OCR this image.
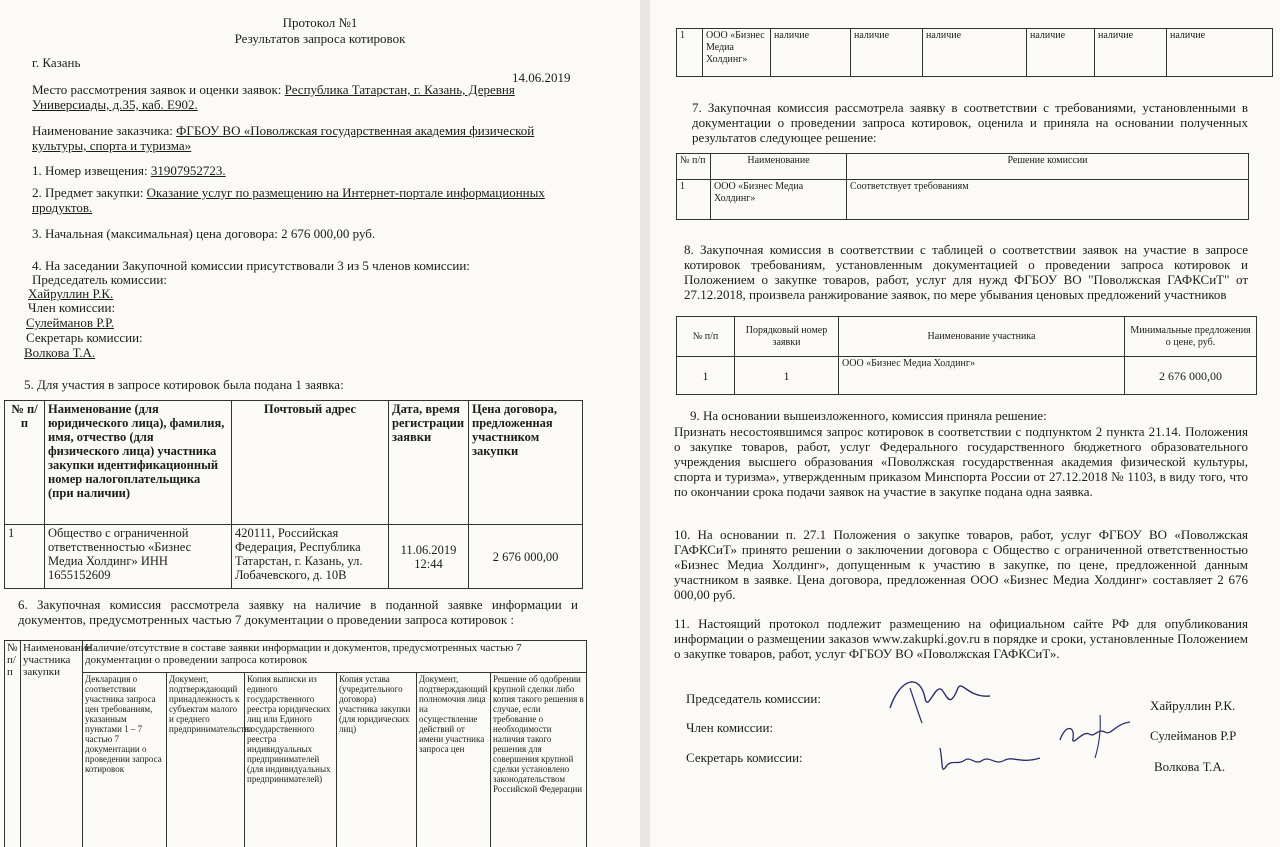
Протокол №1
Результатов запроса котировок
г. Казань
14.06.2019
Место рассмотрения заявок и оценки заявок: Республика Татарстан, г. Казань, Деревня
Универсиады, д.35, каб. Е902.
Наименование заказчика: ФГБОУ ВО «Поволжская государственная академия физической
культуры, спорта и туризма»
1. Номер извещения: 31907952723.
2. Предмет закупки: Оказание услуг по размещению на Интернет-портале информационных
продуктов.
3. Начальная (максимальная) цена договора: 2 676 000,00 руб.
4. На заседании Закупочной комиссии присутствовали 3 из 5 членов комиссии:
Председатель комиссии:
Хайруллин Р.К.
Член комиссии:
Сулейманов Р.Р.
Секретарь комиссии:
Волкова Т.А.
5. Для участия в запросе котировок была подана 1 заявка:
№ п/п	Наименование (для юридического лица), фамилия, имя, отчество (для физического лица) участника закупки идентификационный номер налогоплательщика (при наличии)	Почтовый адрес	Дата, время регистрации заявки	Цена договора, предложенная участником закупки
1	Общество с ограниченной ответственностью «Бизнес Медиа Холдинг» ИНН 1655152609	420111, Российская Федерация, Республика Татарстан, г. Казань, ул. Лобачевского, д. 10В	11.06.2019 12:44	2 676 000,00
6. Закупочная комиссия рассмотрела заявку на наличие в поданной заявке информации и документов, предусмотренных частью 7 документации о проведении запроса котировок :
№ п/п	Наименование участника закупки	Наличие/отсутствие в составе заявки информации и документов, предусмотренных частью 7 документации о проведении запроса котировок					
		Декларация о соответствии участника запроса цен требованиям, указанным пунктами 1 – 7 частью 7 документации о проведении запроса котировок	Документ, подтверждающий принадлежность к субъектам малого и среднего предпринимательства	Копия выписки из единого государственного реестра юридических лиц или Единого государственного реестра индивидуальных предпринимателей (для индивидуальных предпринимателей)	Копия устава (учредительного договора) участника закупки (для юридических лиц)	Документ, подтверждающий полномочия лица на осуществление действий от имени участника запроса цен	Решение об одобрении крупной сделки либо копия такого решения в случае, если требование о необходимости наличия такого решения для совершения крупной сделки установлено законодательством Российской Федерации
1	ООО «Бизнес Медиа Холдинг»	наличие	наличие	наличие	наличие	наличие	наличие
7. Закупочная комиссия рассмотрела заявку в соответствии с требованиями, установленными в документации о проведении запроса котировок, оценила и приняла на основании полученных результатов следующее решение:
№ п/п	Наименование	Решение комиссии
1	ООО «Бизнес Медиа Холдинг»	Соответствует требованиям
8. Закупочная комиссия в соответствии с таблицей о соответствии заявок на участие в запросе котировок требованиям, установленным документацией о проведении запроса котировок и Положением о закупке товаров, работ, услуг для нужд ФГБОУ ВО "Поволжская ГАФКСиТ" от 27.12.2018, произвела ранжирование заявок, по мере убывания ценовых предложений участников
№ п/п	Порядковый номер заявки	Наименование участника	Минимальные предложения о цене, руб.
1	1	ООО «Бизнес Медиа Холдинг»	2 676 000,00
9. На основании вышеизложенного, комиссия приняла решение:
Признать несостоявшимся запрос котировок в соответствии с подпунктом 2 пункта 21.14. Положения о закупке товаров, работ, услуг Федерального государственного бюджетного образовательного учреждения высшего образования «Поволжская государственная академия физической культуры, спорта и туризма», утвержденным приказом Минспорта России от 27.12.2018 № 1103, в виду того, что по окончании срока подачи заявок на участие в закупке подана одна заявка.
10. На основании п. 27.1 Положения о закупке товаров, работ, услуг ФГБОУ ВО «Поволжская ГАФКСиТ» принято решении о заключении договора с Общество с ограниченной ответственностью «Бизнес Медиа Холдинг», допущенным к участию в закупке, по цене, предложенной данным участником в заявке. Цена договора, предложенная ООО «Бизнес Медиа Холдинг» составляет 2 676 000,00 руб.
11. Настоящий протокол подлежит размещению на официальном сайте РФ для опубликования информации о размещении заказов www.zakupki.gov.ru в порядке и сроки, установленные Положением о закупке товаров, работ, услуг ФГБОУ ВО «Поволжская ГАФКСиТ».
Председатель комиссии:
Член комиссии:
Секретарь комиссии:
Хайруллин Р.К.
Сулейманов Р.Р
Волкова Т.А.
